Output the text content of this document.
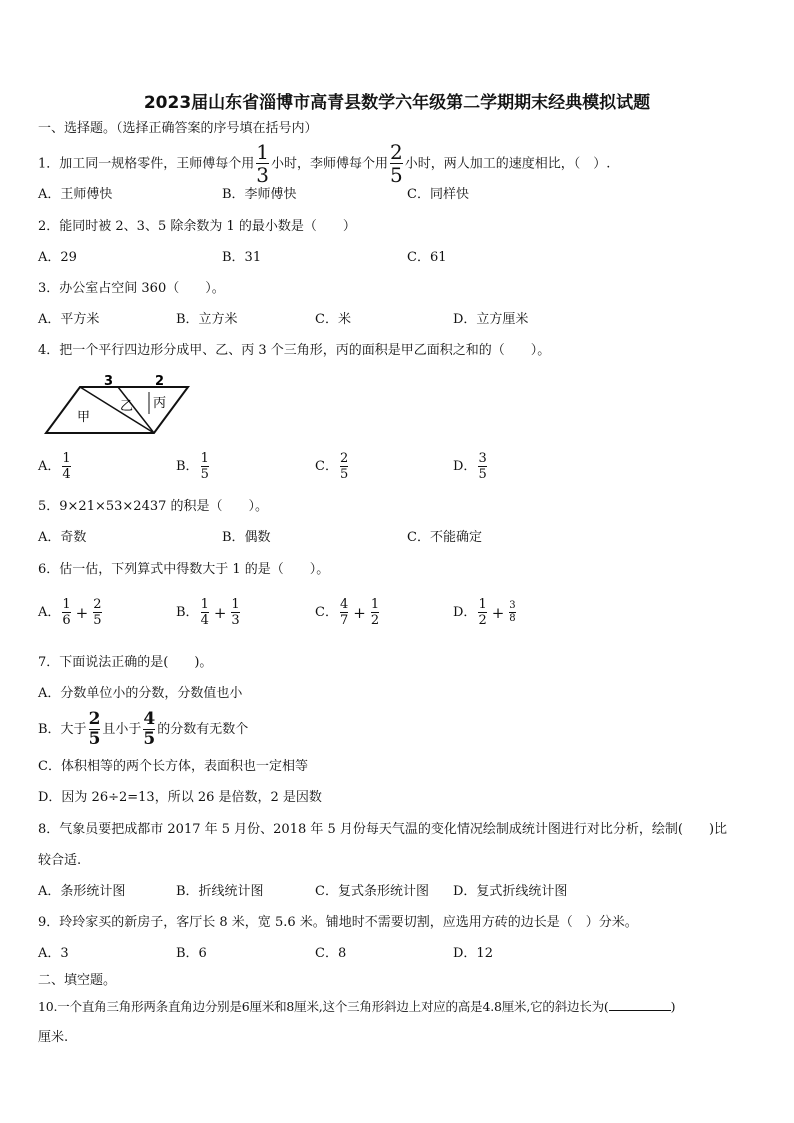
2023届山东省淄博市高青县数学六年级第二学期期末经典模拟试题
一、选择题。（选择正确答案的序号填在括号内）
1．加工同一规格零件，王师傅每个用 $\frac{1}{3}$ 小时，李师傅每个用 $\frac{2}{5}$ 小时，两人加工的速度相比，（　）.
A．王师傅快	B．李师傅快	C．同样快
2．能同时被 2、3、5 除余数为 1 的最小数是（　　）
A．29	B．31	C．61
3．办公室占空间 360（　　）。
A．平方米	B．立方米	C．米	D．立方厘米
4．把一个平行四边形分成甲、乙、丙 3 个三角形，丙的面积是甲乙面积之和的（　　）。
3	2
甲
乙 丙
A． $\frac{1}{4}$	B． $\frac{1}{5}$	C． $\frac{2}{5}$	D． $\frac{3}{5}$
5．9×21×53×2437 的积是（　　）。
A．奇数	B．偶数	C．不能确定
6．估一估，下列算式中得数大于 1 的是（　　）。
A． $\frac{1}{6} + \frac{2}{5}$	B． $\frac{1}{4} + \frac{1}{3}$	C． $\frac{4}{7} + \frac{1}{2}$	D． $\frac{1}{2} + \frac{3}{8}$
7．下面说法正确的是(　　)。
A．分数单位小的分数，分数值也小
B．大于 $\frac{2}{5}$ 且小于 $\frac{4}{5}$ 的分数有无数个
C．体积相等的两个长方体，表面积也一定相等
D．因为 26÷2=13，所以 26 是倍数，2 是因数
8．气象员要把成都市 2017 年 5 月份、2018 年 5 月份每天气温的变化情况绘制成统计图进行对比分析，绘制(　　)比
较合适.
A．条形统计图	B．折线统计图	C．复式条形统计图 D．复式折线统计图
9．玲玲家买的新房子，客厅长 8 米，宽 5.6 米。铺地时不需要切割，应选用方砖的边长是（　）分米。
A．3	B．6	C．8	D．12
二、填空题。
10.一个直角三角形两条直角边分别是6厘米和8厘米,这个三角形斜边上对应的高是4.8厘米,它的斜边长为(	)
厘米.
